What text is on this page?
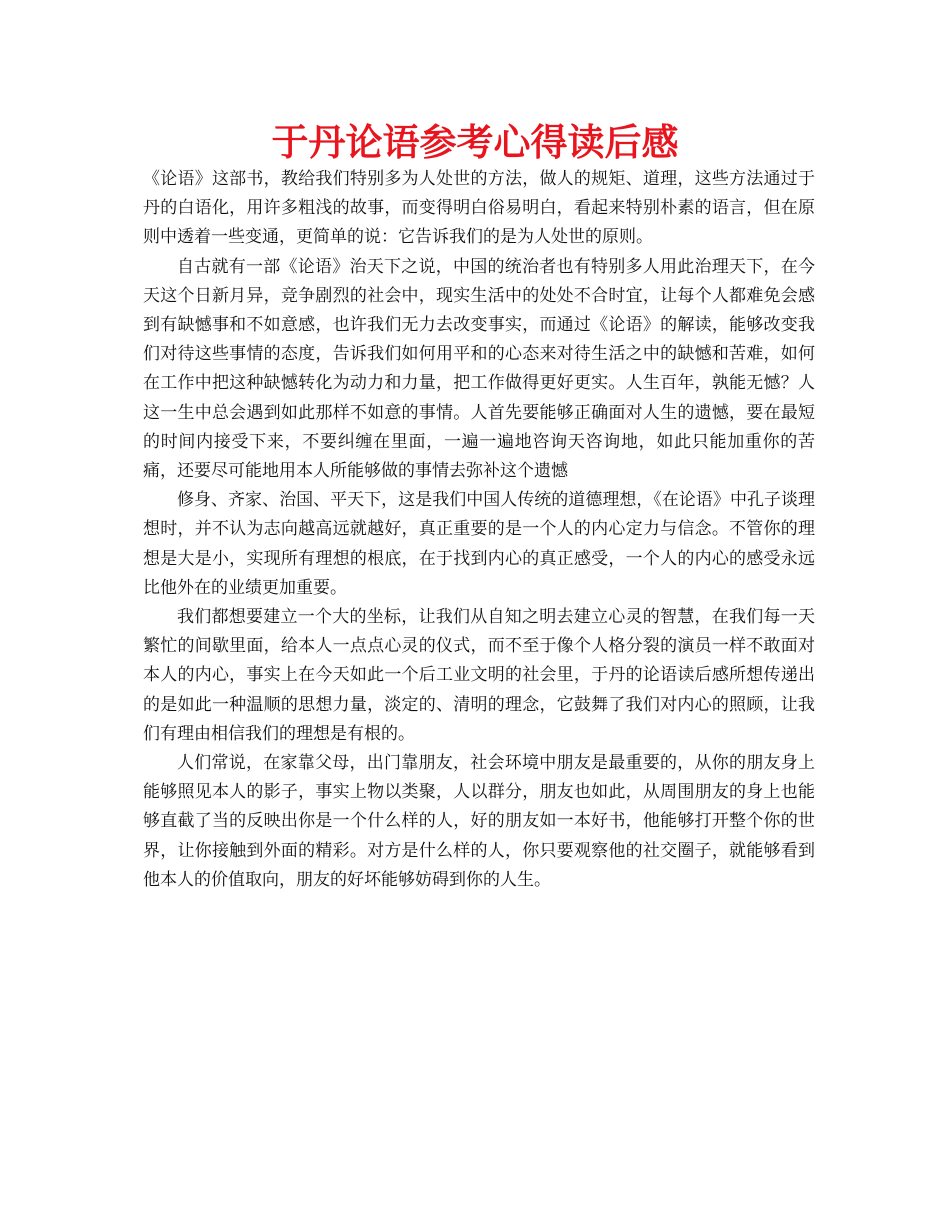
于丹论语参考心得读后感

《论语》这部书，教给我们特别多为人处世的方法，做人的规矩、道理，这些方法通过于丹的白语化，用许多粗浅的故事，而变得明白俗易明白，看起来特别朴素的语言，但在原则中透着一些变通，更简单的说：它告诉我们的是为人处世的原则。

自古就有一部《论语》治天下之说，中国的统治者也有特别多人用此治理天下，在今天这个日新月异，竞争剧烈的社会中，现实生活中的处处不合时宜，让每个人都难免会感到有缺憾事和不如意感，也许我们无力去改变事实，而通过《论语》的解读，能够改变我们对待这些事情的态度，告诉我们如何用平和的心态来对待生活之中的缺憾和苦难，如何在工作中把这种缺憾转化为动力和力量，把工作做得更好更实。人生百年，孰能无憾？人这一生中总会遇到如此那样不如意的事情。人首先要能够正确面对人生的遗憾，要在最短的时间内接受下来，不要纠缠在里面，一遍一遍地咨询天咨询地，如此只能加重你的苦痛，还要尽可能地用本人所能够做的事情去弥补这个遗憾

修身、齐家、治国、平天下，这是我们中国人传统的道德理想，《在论语》中孔子谈理想时，并不认为志向越高远就越好，真正重要的是一个人的内心定力与信念。不管你的理想是大是小，实现所有理想的根底，在于找到内心的真正感受，一个人的内心的感受永远比他外在的业绩更加重要。

我们都想要建立一个大的坐标，让我们从自知之明去建立心灵的智慧，在我们每一天繁忙的间歇里面，给本人一点点心灵的仪式，而不至于像个人格分裂的演员一样不敢面对本人的内心，事实上在今天如此一个后工业文明的社会里，于丹的论语读后感所想传递出的是如此一种温顺的思想力量，淡定的、清明的理念，它鼓舞了我们对内心的照顾，让我们有理由相信我们的理想是有根的。

人们常说，在家靠父母，出门靠朋友，社会环境中朋友是最重要的，从你的朋友身上能够照见本人的影子，事实上物以类聚，人以群分，朋友也如此，从周围朋友的身上也能够直截了当的反映出你是一个什么样的人，好的朋友如一本好书，他能够打开整个你的世界，让你接触到外面的精彩。对方是什么样的人，你只要观察他的社交圈子，就能够看到他本人的价值取向，朋友的好坏能够妨碍到你的人生。
